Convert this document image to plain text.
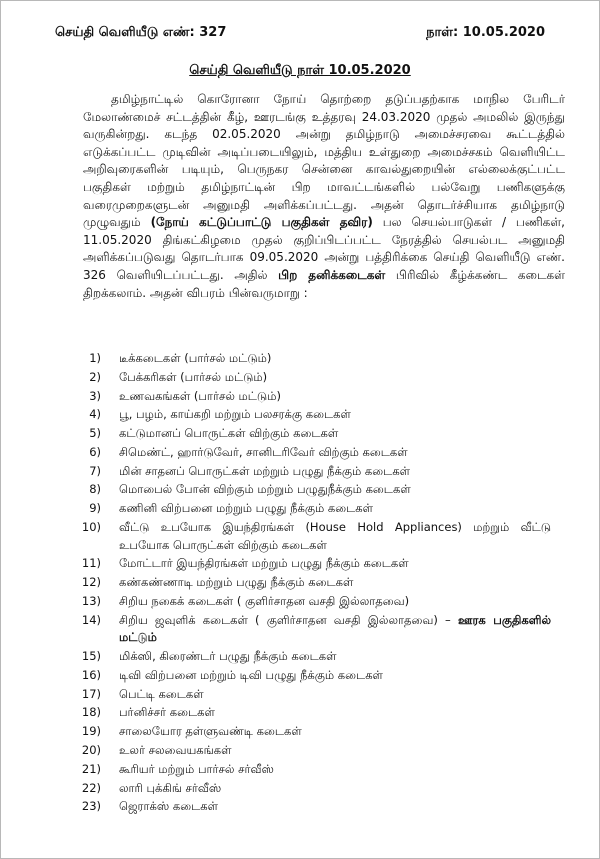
செய்தி வெளியீடு எண்: 327	நாள்: 10.05.2020
செய்தி வெளியீடு நாள் 10.05.2020
தமிழ்நாட்டில் கொரோனா நோய் தொற்றை தடுப்பதற்காக மாநில பேரிடர் மேலாண்மைச் சட்டத்தின் கீழ், ஊரடங்கு உத்தரவு 24.03.2020 முதல் அமலில் இருந்து வருகின்றது. கடந்த 02.05.2020 அன்று தமிழ்நாடு அமைச்சரவை கூட்டத்தில் எடுக்கப்பட்ட முடிவின் அடிப்படையிலும், மத்திய உள்துறை அமைச்சகம் வெளியிட்ட அறிவுரைகளின் படியும், பெருநகர சென்னை காவல்துறையின் எல்லைக்குட்பட்ட பகுதிகள் மற்றும் தமிழ்நாட்டின் பிற மாவட்டங்களில் பல்வேறு பணிகளுக்கு வரைமுறைகளுடன் அனுமதி அளிக்கப்பட்டது. அதன் தொடர்ச்சியாக தமிழ்நாடு முழுவதும் (நோய் கட்டுப்பாட்டு பகுதிகள் தவிர) பல செயல்பாடுகள் / பணிகள், 11.05.2020 திங்கட்கிழமை முதல் குறிப்பிடப்பட்ட நேரத்தில் செயல்பட அனுமதி அளிக்கப்படுவது தொடர்பாக 09.05.2020 அன்று பத்திரிக்கை செய்தி வெளியீடு எண். 326 வெளியிடப்பட்டது. அதில் பிற தனிக்கடைகள் பிரிவில் கீழ்க்கண்ட கடைகள் திறக்கலாம். அதன் விபரம் பின்வருமாறு :
1)	டீக்கடைகள் (பார்சல் மட்டும்)
2)	பேக்கரிகள் (பார்சல் மட்டும்)
3)	உணவகங்கள் (பார்சல் மட்டும்)
4)	பூ, பழம், காய்கறி மற்றும் பலசரக்கு கடைகள்
5)	கட்டுமானப் பொருட்கள் விற்கும் கடைகள்
6)	சிமெண்ட், ஹார்டுவேர், சானிடரிவேர் விற்கும் கடைகள்
7)	மின் சாதனப் பொருட்கள் மற்றும் பழுது நீக்கும் கடைகள்
8)	மொபைல் போன் விற்கும் மற்றும் பழுதுநீக்கும் கடைகள்
9)	கணினி விற்பனை மற்றும் பழுது நீக்கும் கடைகள்
10)	வீட்டு உபயோக இயந்திரங்கள் (House Hold Appliances) மற்றும் வீட்டு உபயோக பொருட்கள் விற்கும் கடைகள்
11)	மோட்டார் இயந்திரங்கள் மற்றும் பழுது நீக்கும் கடைகள்
12)	கண்கண்ணாடி மற்றும் பழுது நீக்கும் கடைகள்
13)	சிறிய நகைக் கடைகள் ( குளிர்சாதன வசதி இல்லாதவை)
14)	சிறிய ஜவுளிக் கடைகள் ( குளிர்சாதன வசதி இல்லாதவை) – ஊரக பகுதிகளில் மட்டும்
15)	மிக்ஸி, கிரைண்டர் பழுது நீக்கும் கடைகள்
16)	டிவி விற்பனை மற்றும் டிவி பழுது நீக்கும் கடைகள்
17)	பெட்டி கடைகள்
18)	பர்னிச்சர் கடைகள்
19)	சாலையோர தள்ளுவண்டி கடைகள்
20)	உலர் சலவையகங்கள்
21)	கூரியர் மற்றும் பார்சல் சர்வீஸ்
22)	லாரி புக்கிங் சர்வீஸ்
23)	ஜெராக்ஸ் கடைகள்
